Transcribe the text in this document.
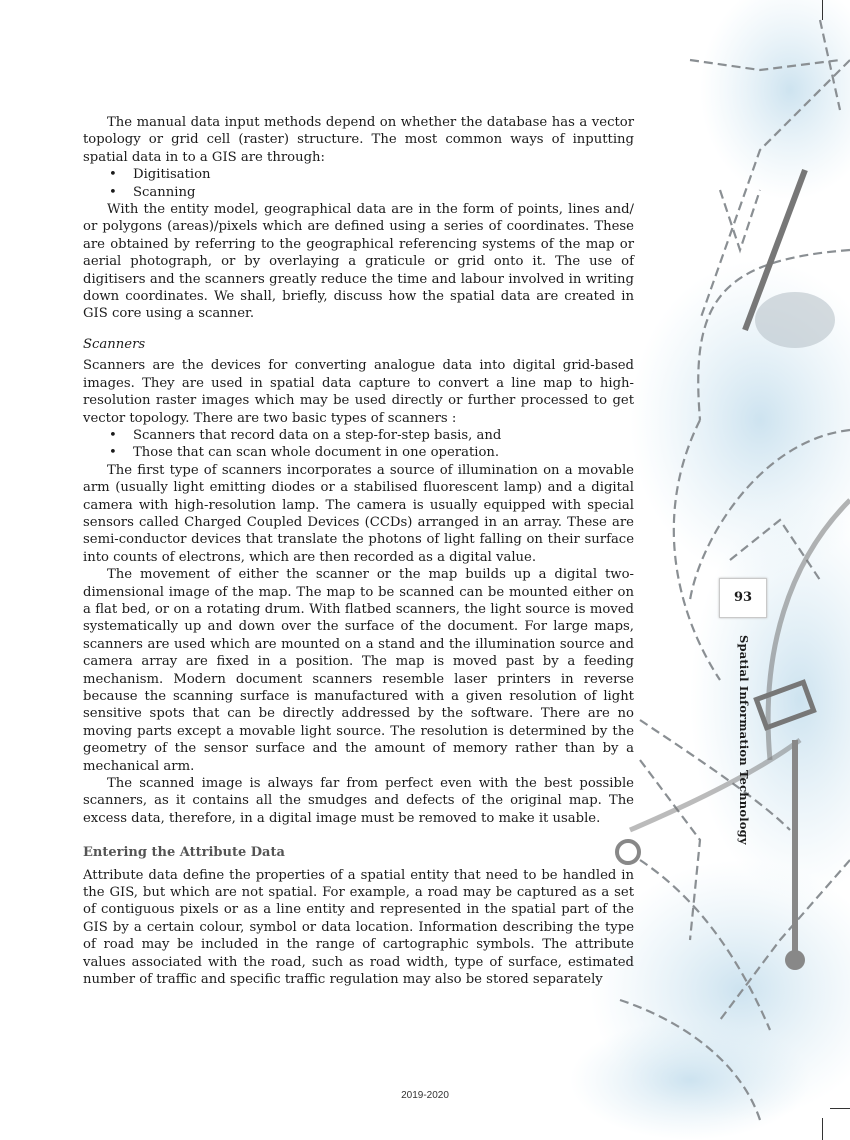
The manual data input methods depend on whether the database has a vector topology or grid cell (raster) structure. The most common ways of inputting spatial data in to a GIS are through:

• Digitisation
• Scanning

With the entity model, geographical data are in the form of points, lines and/ or polygons (areas)/pixels which are defined using a series of coordinates. These are obtained by referring to the geographical referencing systems of the map or aerial photograph, or by overlaying a graticule or grid onto it. The use of digitisers and the scanners greatly reduce the time and labour involved in writing down coordinates. We shall, briefly, discuss how the spatial data are created in GIS core using a scanner.

Scanners

Scanners are the devices for converting analogue data into digital grid-based images. They are used in spatial data capture to convert a line map to high-resolution raster images which may be used directly or further processed to get vector topology. There are two basic types of scanners :

• Scanners that record data on a step-for-step basis, and
• Those that can scan whole document in one operation.

The first type of scanners incorporates a source of illumination on a movable arm (usually light emitting diodes or a stabilised fluorescent lamp) and a digital camera with high-resolution lamp. The camera is usually equipped with special sensors called Charged Coupled Devices (CCDs) arranged in an array. These are semi-conductor devices that translate the photons of light falling on their surface into counts of electrons, which are then recorded as a digital value.

The movement of either the scanner or the map builds up a digital two-dimensional image of the map. The map to be scanned can be mounted either on a flat bed, or on a rotating drum. With flatbed scanners, the light source is moved systematically up and down over the surface of the document. For large maps, scanners are used which are mounted on a stand and the illumination source and camera array are fixed in a position. The map is moved past by a feeding mechanism. Modern document scanners resemble laser printers in reverse because the scanning surface is manufactured with a given resolution of light sensitive spots that can be directly addressed by the software. There are no moving parts except a movable light source. The resolution is determined by the geometry of the sensor surface and the amount of memory rather than by a mechanical arm.

The scanned image is always far from perfect even with the best possible scanners, as it contains all the smudges and defects of the original map. The excess data, therefore, in a digital image must be removed to make it usable.

Entering the Attribute Data

Attribute data define the properties of a spatial entity that need to be handled in the GIS, but which are not spatial. For example, a road may be captured as a set of contiguous pixels or as a line entity and represented in the spatial part of the GIS by a certain colour, symbol or data location. Information describing the type of road may be included in the range of cartographic symbols. The attribute values associated with the road, such as road width, type of surface, estimated number of traffic and specific traffic regulation may also be stored separately

93
Spatial Information Technology
2019-2020
